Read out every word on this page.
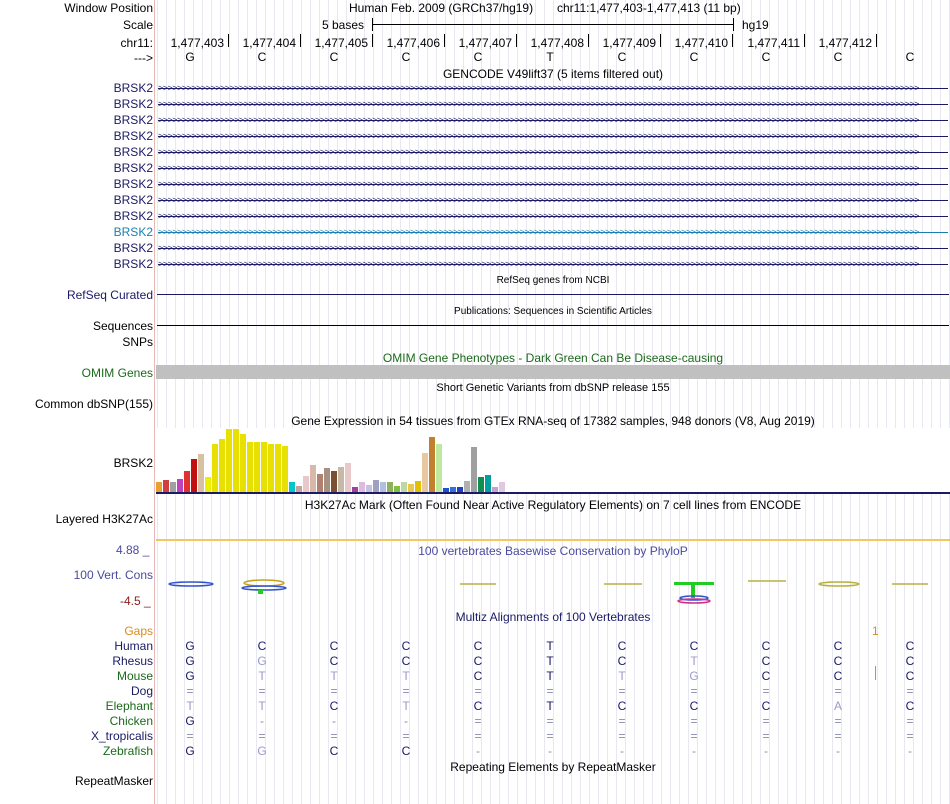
Window Position
Scale
chr11:
--->
Human Feb. 2009 (GRCh37/hg19) chr11:1,477,403-1,477,413 (11 bp)
5 bases	hg19
1,477,403 1,477,404 1,477,405 1,477,406 1,477,407 1,477,408 1,477,409 1,477,410 1,477,411 1,477,412
G	C	C	C	C	T	C	C	C	C	C
GENCODE V49lift37 (5 items filtered out)
BRSK2 >>>>>>>>>>>>>>>>>>>>>>>>>>>>>>>>>>>>>>>>>>>>>>>>>>>>>>>>>>>>>>>>>>>>>>>>>>>>>>>>>>>>>>>>>>>>>>>>>>>>>>>>>>>>>>>>>>>>>>>>>>>>>>>>>>>>>>>>>>>>>>>>>>>>>>>>>>>>>>>>
BRSK2 >>>>>>>>>>>>>>>>>>>>>>>>>>>>>>>>>>>>>>>>>>>>>>>>>>>>>>>>>>>>>>>>>>>>>>>>>>>>>>>>>>>>>>>>>>>>>>>>>>>>>>>>>>>>>>>>>>>>>>>>>>>>>>>>>>>>>>>>>>>>>>>>>>>>>>>>>>>>>>>>
BRSK2 >>>>>>>>>>>>>>>>>>>>>>>>>>>>>>>>>>>>>>>>>>>>>>>>>>>>>>>>>>>>>>>>>>>>>>>>>>>>>>>>>>>>>>>>>>>>>>>>>>>>>>>>>>>>>>>>>>>>>>>>>>>>>>>>>>>>>>>>>>>>>>>>>>>>>>>>>>>>>>>>
BRSK2 >>>>>>>>>>>>>>>>>>>>>>>>>>>>>>>>>>>>>>>>>>>>>>>>>>>>>>>>>>>>>>>>>>>>>>>>>>>>>>>>>>>>>>>>>>>>>>>>>>>>>>>>>>>>>>>>>>>>>>>>>>>>>>>>>>>>>>>>>>>>>>>>>>>>>>>>>>>>>>>>
BRSK2 >>>>>>>>>>>>>>>>>>>>>>>>>>>>>>>>>>>>>>>>>>>>>>>>>>>>>>>>>>>>>>>>>>>>>>>>>>>>>>>>>>>>>>>>>>>>>>>>>>>>>>>>>>>>>>>>>>>>>>>>>>>>>>>>>>>>>>>>>>>>>>>>>>>>>>>>>>>>>>>>
BRSK2 >>>>>>>>>>>>>>>>>>>>>>>>>>>>>>>>>>>>>>>>>>>>>>>>>>>>>>>>>>>>>>>>>>>>>>>>>>>>>>>>>>>>>>>>>>>>>>>>>>>>>>>>>>>>>>>>>>>>>>>>>>>>>>>>>>>>>>>>>>>>>>>>>>>>>>>>>>>>>>>>
BRSK2 >>>>>>>>>>>>>>>>>>>>>>>>>>>>>>>>>>>>>>>>>>>>>>>>>>>>>>>>>>>>>>>>>>>>>>>>>>>>>>>>>>>>>>>>>>>>>>>>>>>>>>>>>>>>>>>>>>>>>>>>>>>>>>>>>>>>>>>>>>>>>>>>>>>>>>>>>>>>>>>>
BRSK2 >>>>>>>>>>>>>>>>>>>>>>>>>>>>>>>>>>>>>>>>>>>>>>>>>>>>>>>>>>>>>>>>>>>>>>>>>>>>>>>>>>>>>>>>>>>>>>>>>>>>>>>>>>>>>>>>>>>>>>>>>>>>>>>>>>>>>>>>>>>>>>>>>>>>>>>>>>>>>>>>
BRSK2 >>>>>>>>>>>>>>>>>>>>>>>>>>>>>>>>>>>>>>>>>>>>>>>>>>>>>>>>>>>>>>>>>>>>>>>>>>>>>>>>>>>>>>>>>>>>>>>>>>>>>>>>>>>>>>>>>>>>>>>>>>>>>>>>>>>>>>>>>>>>>>>>>>>>>>>>>>>>>>>>
BRSK2 >>>>>>>>>>>>>>>>>>>>>>>>>>>>>>>>>>>>>>>>>>>>>>>>>>>>>>>>>>>>>>>>>>>>>>>>>>>>>>>>>>>>>>>>>>>>>>>>>>>>>>>>>>>>>>>>>>>>>>>>>>>>>>>>>>>>>>>>>>>>>>>>>>>>>>>>>>>>>>>>
BRSK2 >>>>>>>>>>>>>>>>>>>>>>>>>>>>>>>>>>>>>>>>>>>>>>>>>>>>>>>>>>>>>>>>>>>>>>>>>>>>>>>>>>>>>>>>>>>>>>>>>>>>>>>>>>>>>>>>>>>>>>>>>>>>>>>>>>>>>>>>>>>>>>>>>>>>>>>>>>>>>>>>
BRSK2 >>>>>>>>>>>>>>>>>>>>>>>>>>>>>>>>>>>>>>>>>>>>>>>>>>>>>>>>>>>>>>>>>>>>>>>>>>>>>>>>>>>>>>>>>>>>>>>>>>>>>>>>>>>>>>>>>>>>>>>>>>>>>>>>>>>>>>>>>>>>>>>>>>>>>>>>>>>>>>>>
RefSeq genes from NCBI
RefSeq Curated
Publications: Sequences in Scientific Articles
Sequences
SNPs
OMIM Gene Phenotypes - Dark Green Can Be Disease-causing
OMIM Genes
Short Genetic Variants from dbSNP release 155
Common dbSNP(155)
Gene Expression in 54 tissues from GTEx RNA-seq of 17382 samples, 948 donors (V8, Aug 2019)
BRSK2
H3K27Ac Mark (Often Found Near Active Regulatory Elements) on 7 cell lines from ENCODE
Layered H3K27Ac
4.88 _	100 vertebrates Basewise Conservation by PhyloP
100 Vert. Cons
-4.5 _
Multiz Alignments of 100 Vertebrates
Gaps	1
Human	G	C	C	C	C	T	C	C	C	C	C
Rhesus	G	G	C	C	C	T	C	T	C	C	C
Mouse	G	T	T	T	C	T	T	G	C	C	C
Dog	=	=	=	=	=	=	=	=	=	=	=
Elephant	T	T	C	T	C	T	C	C	C	A	C
Chicken	G	-	-	-	=	=	=	=	=	=	=
X_tropicalis	=	=	=	=	=	=	=	=	=	=	=
Zebrafish	G	G	C	C	-	-	-	-	-	-	-
Repeating Elements by RepeatMasker
RepeatMasker
